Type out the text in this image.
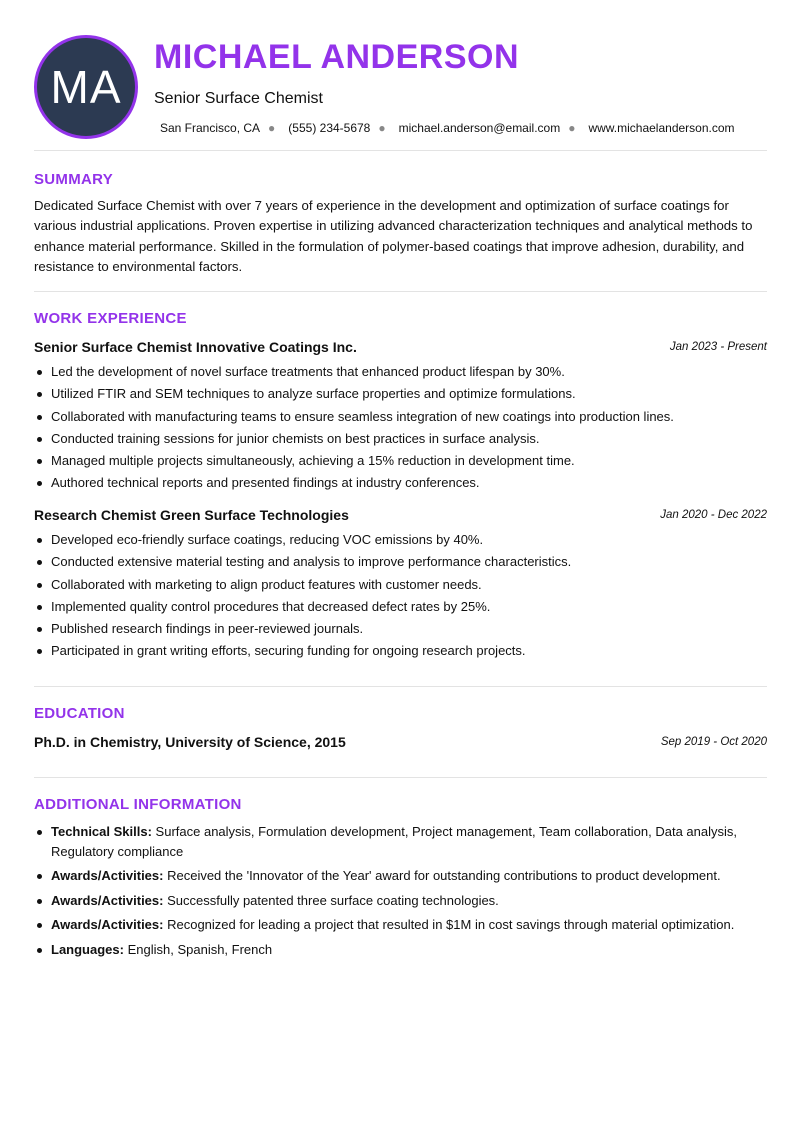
MA
MICHAEL ANDERSON
Senior Surface Chemist
San Francisco, CA ● (555) 234-5678 ● michael.anderson@email.com ● www.michaelanderson.com
SUMMARY
Dedicated Surface Chemist with over 7 years of experience in the development and optimization of surface coatings for various industrial applications. Proven expertise in utilizing advanced characterization techniques and analytical methods to enhance material performance. Skilled in the formulation of polymer-based coatings that improve adhesion, durability, and resistance to environmental factors.
WORK EXPERIENCE
Senior Surface Chemist Innovative Coatings Inc.	Jan 2023 - Present
Led the development of novel surface treatments that enhanced product lifespan by 30%.
Utilized FTIR and SEM techniques to analyze surface properties and optimize formulations.
Collaborated with manufacturing teams to ensure seamless integration of new coatings into production lines.
Conducted training sessions for junior chemists on best practices in surface analysis.
Managed multiple projects simultaneously, achieving a 15% reduction in development time.
Authored technical reports and presented findings at industry conferences.
Research Chemist Green Surface Technologies	Jan 2020 - Dec 2022
Developed eco-friendly surface coatings, reducing VOC emissions by 40%.
Conducted extensive material testing and analysis to improve performance characteristics.
Collaborated with marketing to align product features with customer needs.
Implemented quality control procedures that decreased defect rates by 25%.
Published research findings in peer-reviewed journals.
Participated in grant writing efforts, securing funding for ongoing research projects.
EDUCATION
Ph.D. in Chemistry, University of Science, 2015	Sep 2019 - Oct 2020
ADDITIONAL INFORMATION
Technical Skills: Surface analysis, Formulation development, Project management, Team collaboration, Data analysis, Regulatory compliance
Awards/Activities: Received the 'Innovator of the Year' award for outstanding contributions to product development.
Awards/Activities: Successfully patented three surface coating technologies.
Awards/Activities: Recognized for leading a project that resulted in $1M in cost savings through material optimization.
Languages: English, Spanish, French
